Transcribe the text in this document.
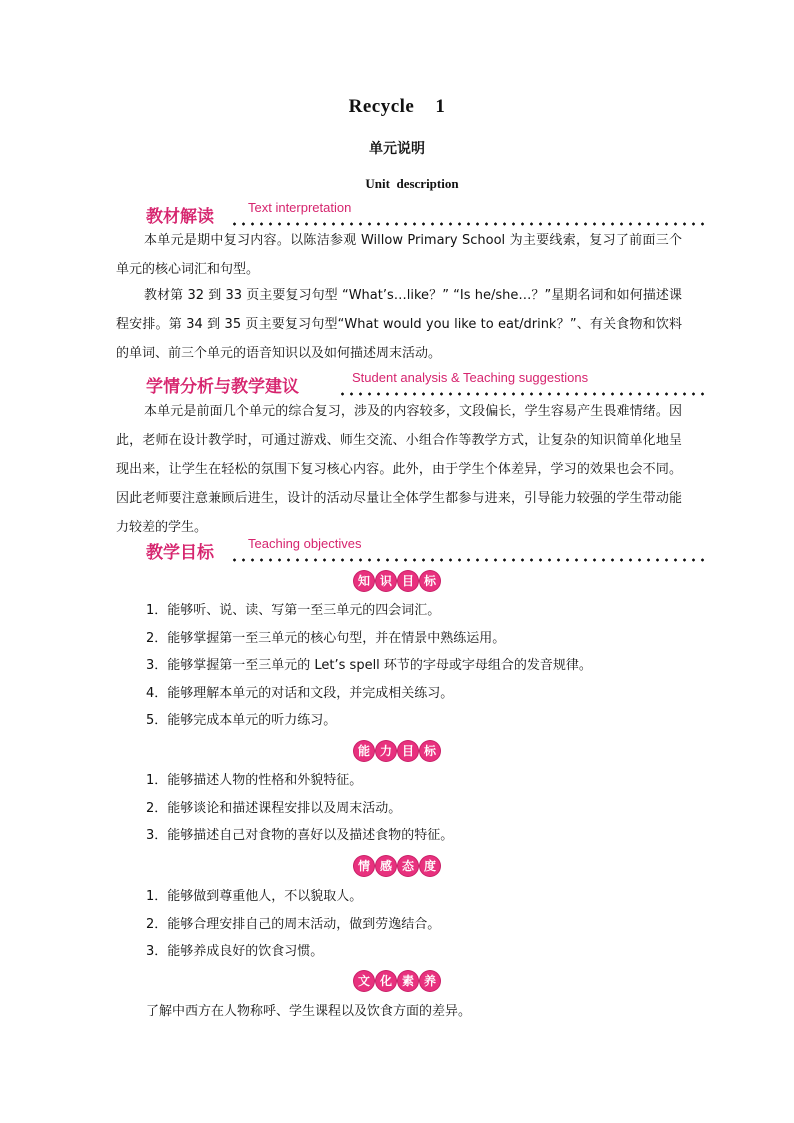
Recycle    1
单元说明
Unit  description
教材解读	Text interpretation
本单元是期中复习内容。以陈洁参观 Willow Primary School 为主要线索，复习了前面三个单元的核心词汇和句型。
教材第 32 到 33 页主要复习句型 “What’s…like？” “Is he/she…？”星期名词和如何描述课程安排。第 34 到 35 页主要复习句型“What would you like to eat/drink？”、有关食物和饮料的单词、前三个单元的语音知识以及如何描述周末活动。
学情分析与教学建议	Student analysis & Teaching suggestions
本单元是前面几个单元的综合复习，涉及的内容较多，文段偏长，学生容易产生畏难情绪。因此，老师在设计教学时，可通过游戏、师生交流、小组合作等教学方式，让复杂的知识简单化地呈现出来，让学生在轻松的氛围下复习核心内容。此外，由于学生个体差异，学习的效果也会不同。因此老师要注意兼顾后进生，设计的活动尽量让全体学生都参与进来，引导能力较强的学生带动能力较差的学生。
教学目标	Teaching objectives
知 识 目 标
1．能够听、说、读、写第一至三单元的四会词汇。
2．能够掌握第一至三单元的核心句型，并在情景中熟练运用。
3．能够掌握第一至三单元的 Let’s spell 环节的字母或字母组合的发音规律。
4．能够理解本单元的对话和文段，并完成相关练习。
5．能够完成本单元的听力练习。
能 力 目 标
1．能够描述人物的性格和外貌特征。
2．能够谈论和描述课程安排以及周末活动。
3．能够描述自己对食物的喜好以及描述食物的特征。
情 感 态 度
1．能够做到尊重他人，不以貌取人。
2．能够合理安排自己的周末活动，做到劳逸结合。
3．能够养成良好的饮食习惯。
文 化 素 养
了解中西方在人物称呼、学生课程以及饮食方面的差异。
